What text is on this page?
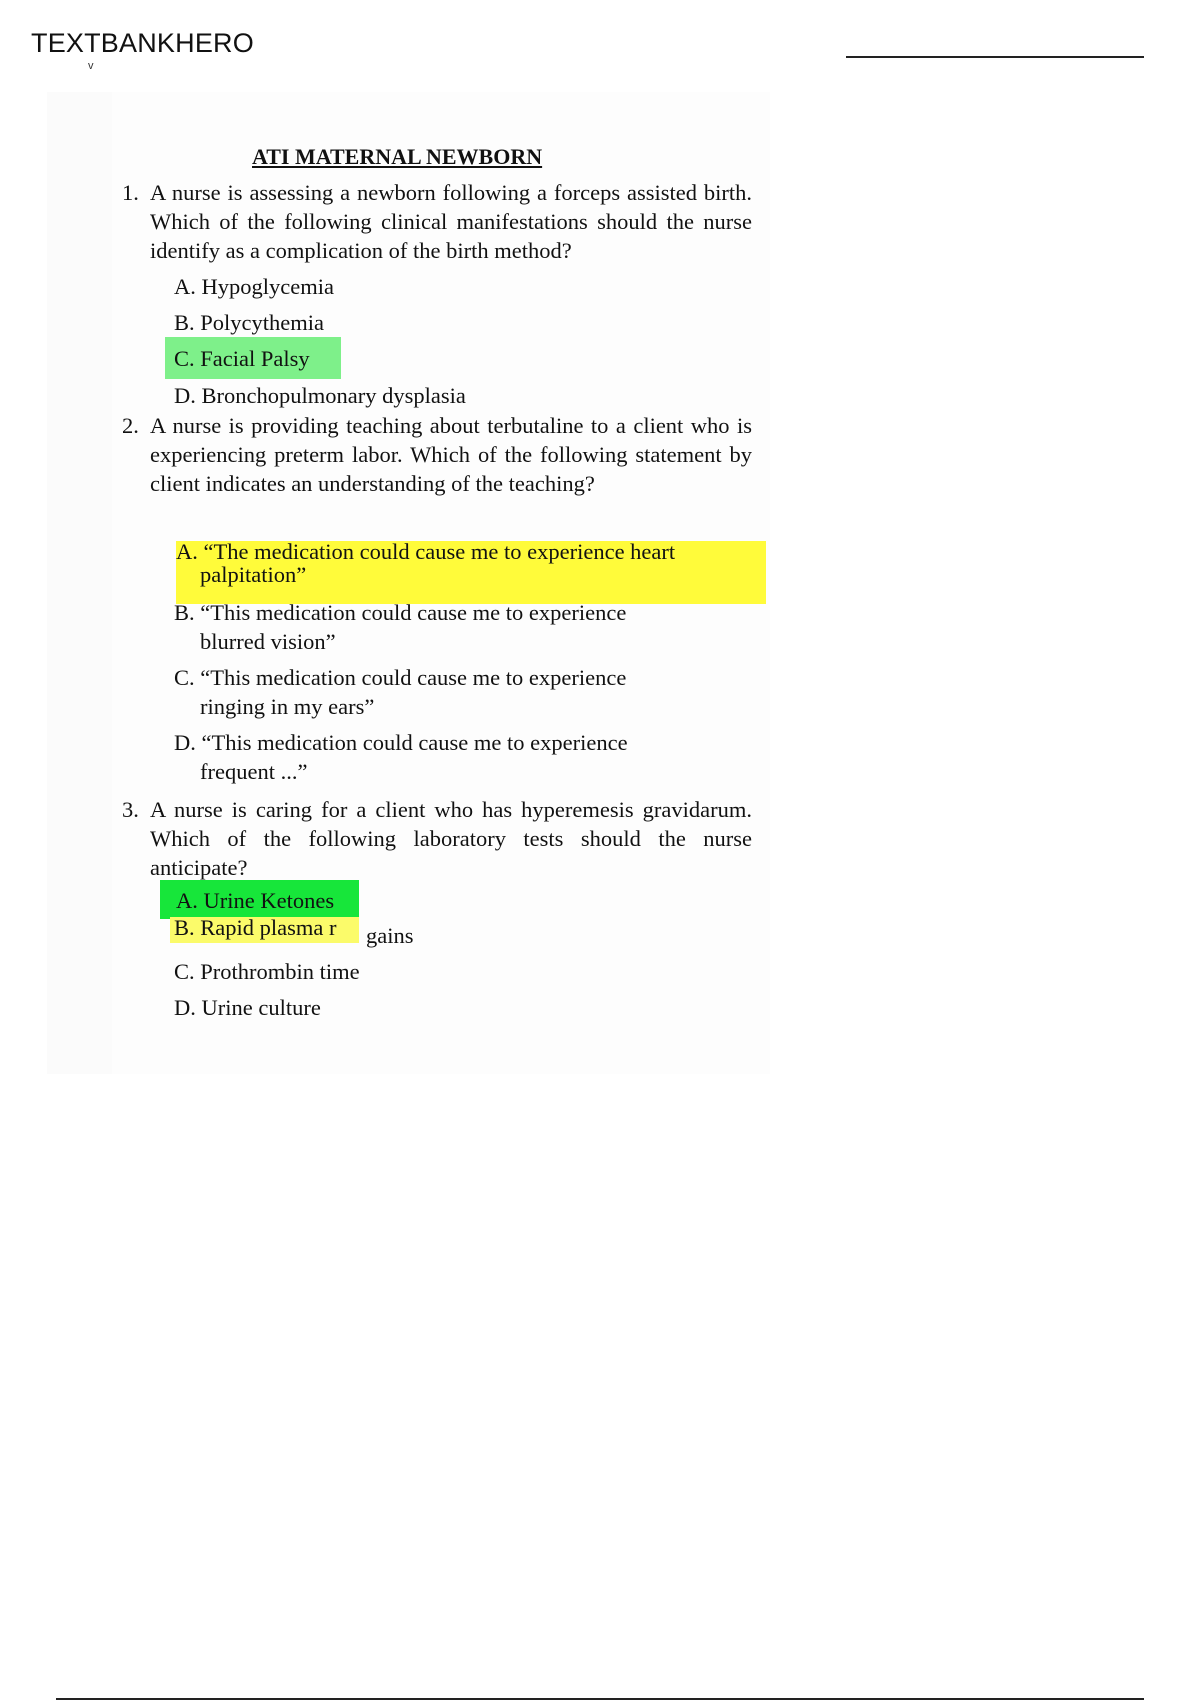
TEXTBANKHERO
v
ATI MATERNAL NEWBORN
1. A nurse is assessing a newborn following a forceps assisted birth. Which of the following clinical manifestations should the nurse identify as a complication of the birth method?
A. Hypoglycemia
B. Polycythemia
C. Facial Palsy
D. Bronchopulmonary dysplasia
2. A nurse is providing teaching about terbutaline to a client who is experiencing preterm labor. Which of the following statement by client indicates an understanding of the teaching?
A. “The medication could cause me to experience heart
palpitation”
B. “This medication could cause me to experience
blurred vision”
C. “This medication could cause me to experience
ringing in my ears”
D. “This medication could cause me to experience
frequent ...”
3. A nurse is caring for a client who has hyperemesis gravidarum. Which of the following laboratory tests should the nurse anticipate?
A. Urine Ketones
B. Rapid plasma r gains
C. Prothrombin time
D. Urine culture
